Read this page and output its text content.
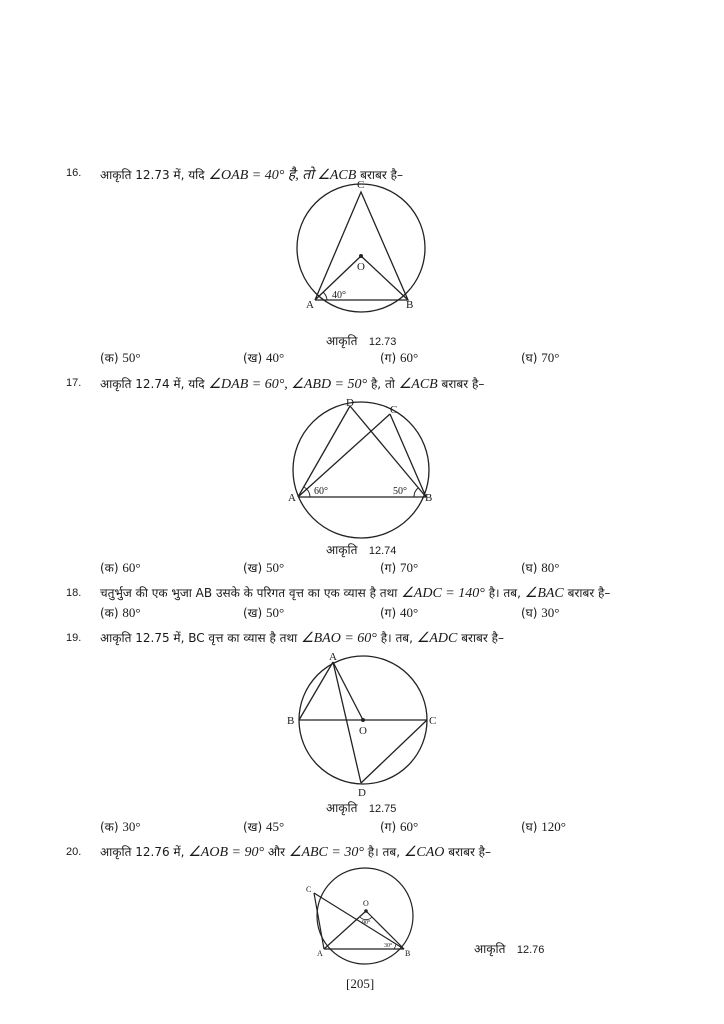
16. आकृति 12.73 में, यदि ∠OAB = 40° है, तो ∠ACB बराबर है–
C
O
A	B
40°
आकृति 12.73
(क) 50°	(ख) 40°	(ग) 60°	(घ) 70°
17. आकृति 12.74 में, यदि ∠DAB = 60°, ∠ABD = 50° है, तो ∠ACB बराबर है–
D
C
A	B
60°	50°
आकृति 12.74
(क) 60°	(ख) 50°	(ग) 70°	(घ) 80°
18. चतुर्भुज की एक भुजा AB उसके के परिगत वृत्त का एक व्यास है तथा ∠ADC = 140° है। तब, ∠BAC बराबर है–
(क) 80°	(ख) 50°	(ग) 40°	(घ) 30°
19. आकृति 12.75 में, BC वृत्त का व्यास है तथा ∠BAO = 60° है। तब, ∠ADC बराबर है–
A
B	C
O
D
आकृति 12.75
(क) 30°	(ख) 45°	(ग) 60°	(घ) 120°
20. आकृति 12.76 में, ∠AOB = 90° और ∠ABC = 30° है। तब, ∠CAO बराबर है–
C
O
A	B
90°
30°	आकृति 12.76
[205]
